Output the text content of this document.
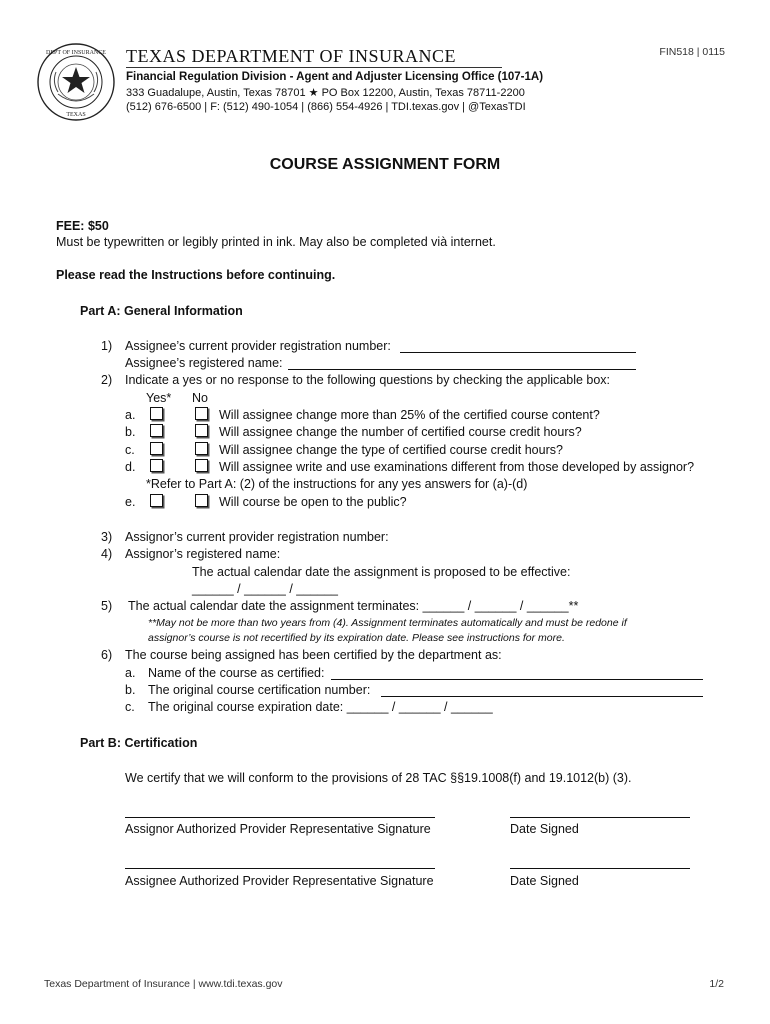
DEPT OF INSURANCE
TEXAS
TEXAS DEPARTMENT OF INSURANCE
Financial Regulation Division - Agent and Adjuster Licensing Office (107-1A)
333 Guadalupe, Austin, Texas 78701 ★ PO Box 12200, Austin, Texas 78711-2200
(512) 676-6500 | F: (512) 490-1054 | (866) 554-4926 | TDI.texas.gov | @TexasTDI
FIN518 | 0115
COURSE ASSIGNMENT FORM
FEE: $50
Must be typewritten or legibly printed in ink. May also be completed vià internet.
Please read the Instructions before continuing.
Part A: General Information
1) Assignee’s current provider registration number:
Assignee’s registered name:
2) Indicate a yes or no response to the following questions by checking the applicable box:
Yes* No
a.	Will assignee change more than 25% of the certified course content?
b.	Will assignee change the number of certified course credit hours?
c.	Will assignee change the type of certified course credit hours?
d.	Will assignee write and use examinations different from those developed by assignor?
*Refer to Part A: (2) of the instructions for any yes answers for (a)-(d)
e.	Will course be open to the public?
3) Assignor’s current provider registration number:
4) Assignor’s registered name:
The actual calendar date the assignment is proposed to be effective:
______ / ______ / ______
5) The actual calendar date the assignment terminates: ______ / ______ / ______**
**May not be more than two years from (4). Assignment terminates automatically and must be redone if
assignor’s course is not recertified by its expiration date. Please see instructions for more.
6) The course being assigned has been certified by the department as:
a. Name of the course as certified:
b. The original course certification number:
c. The original course expiration date: ______ / ______ / ______
Part B: Certification
We certify that we will conform to the provisions of 28 TAC §§19.1008(f) and 19.1012(b) (3).
Assignor Authorized Provider Representative Signature	Date Signed
Assignee Authorized Provider Representative Signature	Date Signed
Texas Department of Insurance | www.tdi.texas.gov	1/2
